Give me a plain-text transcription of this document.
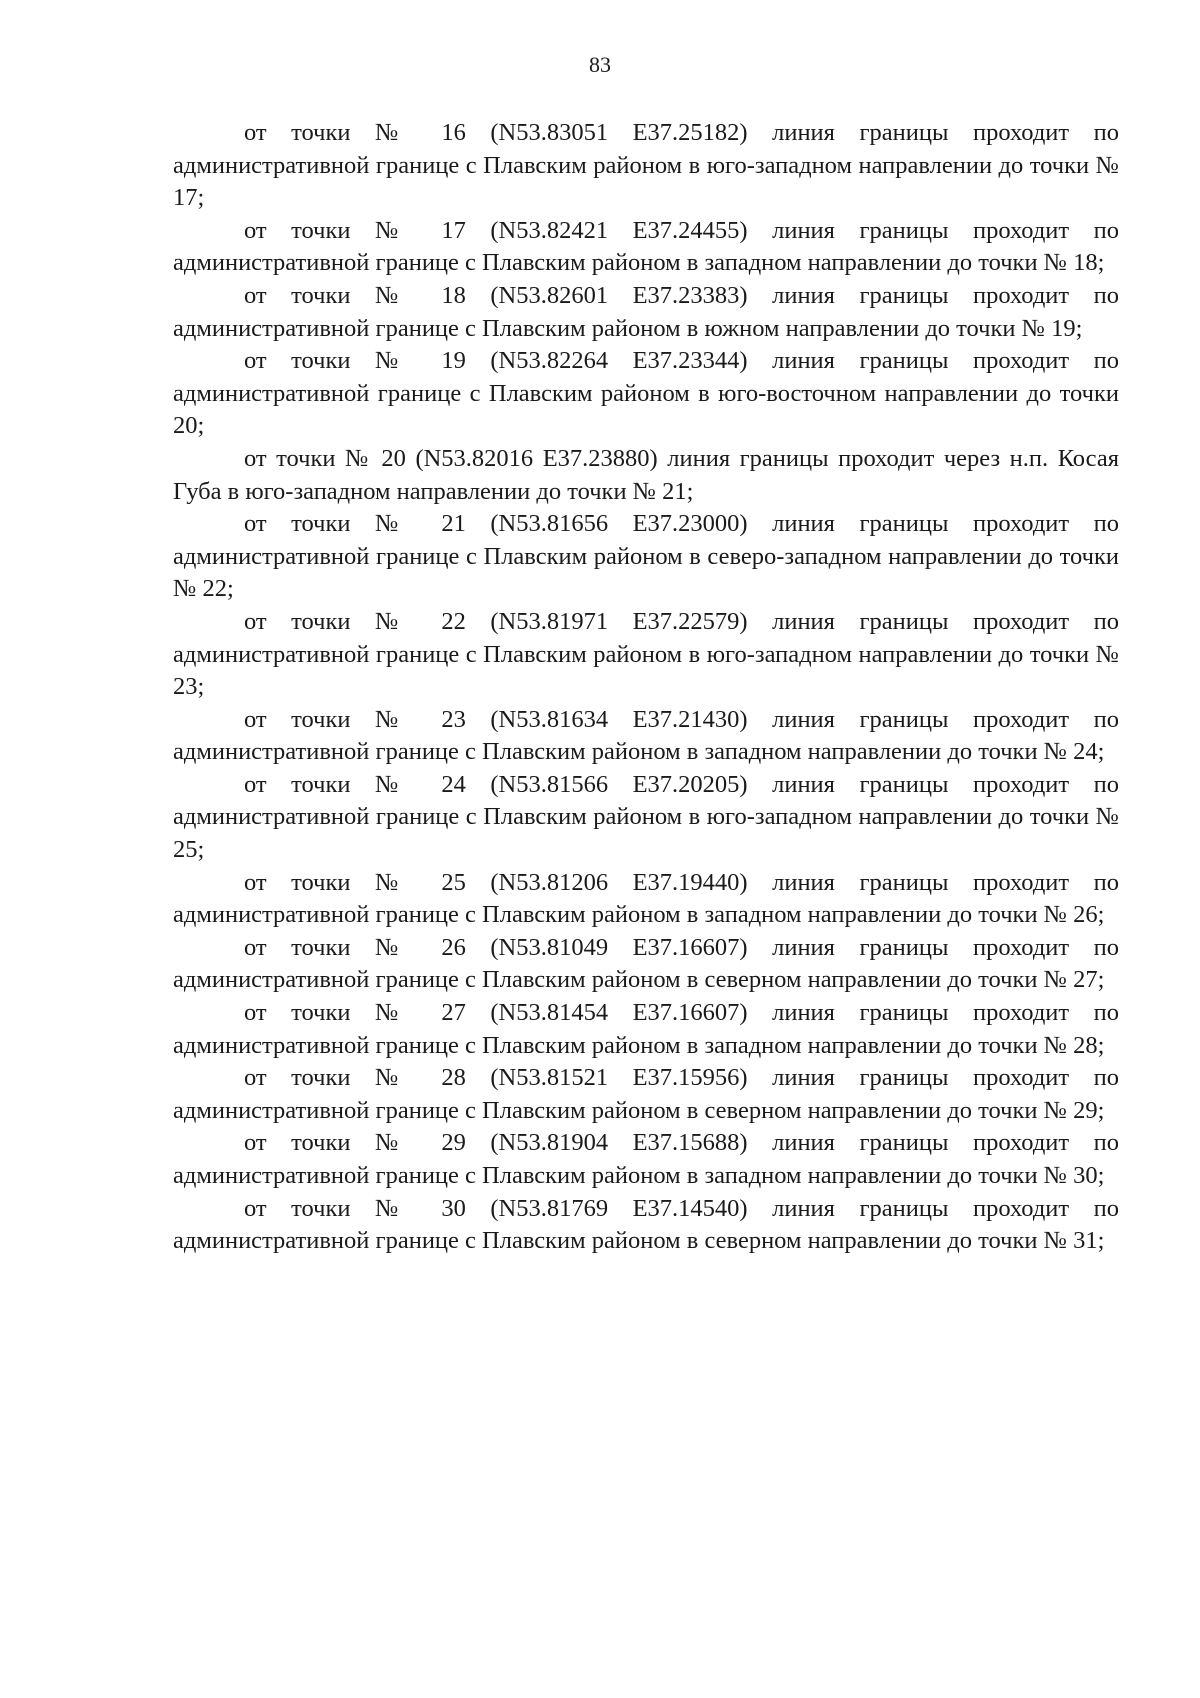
83

от точки № 16 (N53.83051 E37.25182) линия границы проходит по административной границе с Плавским районом в юго-западном направлении до точки № 17;

от точки № 17 (N53.82421 E37.24455) линия границы проходит по административной границе с Плавским районом в западном направлении до точки № 18;

от точки № 18 (N53.82601 E37.23383) линия границы проходит по административной границе с Плавским районом в южном направлении до точки № 19;

от точки № 19 (N53.82264 E37.23344) линия границы проходит по административной границе с Плавским районом в юго-восточном направлении до точки 20;

от точки № 20 (N53.82016 E37.23880) линия границы проходит через н.п. Косая Губа в юго-западном направлении до точки № 21;

от точки № 21 (N53.81656 E37.23000) линия границы проходит по административной границе с Плавским районом в северо-западном направлении до точки № 22;

от точки № 22 (N53.81971 E37.22579) линия границы проходит по административной границе с Плавским районом в юго-западном направлении до точки № 23;

от точки № 23 (N53.81634 E37.21430) линия границы проходит по административной границе с Плавским районом в западном направлении до точки № 24;

от точки № 24 (N53.81566 E37.20205) линия границы проходит по административной границе с Плавским районом в юго-западном направлении до точки № 25;

от точки № 25 (N53.81206 E37.19440) линия границы проходит по административной границе с Плавским районом в западном направлении до точки № 26;

от точки № 26 (N53.81049 E37.16607) линия границы проходит по административной границе с Плавским районом в северном направлении до точки № 27;

от точки № 27 (N53.81454 E37.16607) линия границы проходит по административной границе с Плавским районом в западном направлении до точки № 28;

от точки № 28 (N53.81521 E37.15956) линия границы проходит по административной границе с Плавским районом в северном направлении до точки № 29;

от точки № 29 (N53.81904 E37.15688) линия границы проходит по административной границе с Плавским районом в западном направлении до точки № 30;

от точки № 30 (N53.81769 E37.14540) линия границы проходит по административной границе с Плавским районом в северном направлении до точки № 31;
